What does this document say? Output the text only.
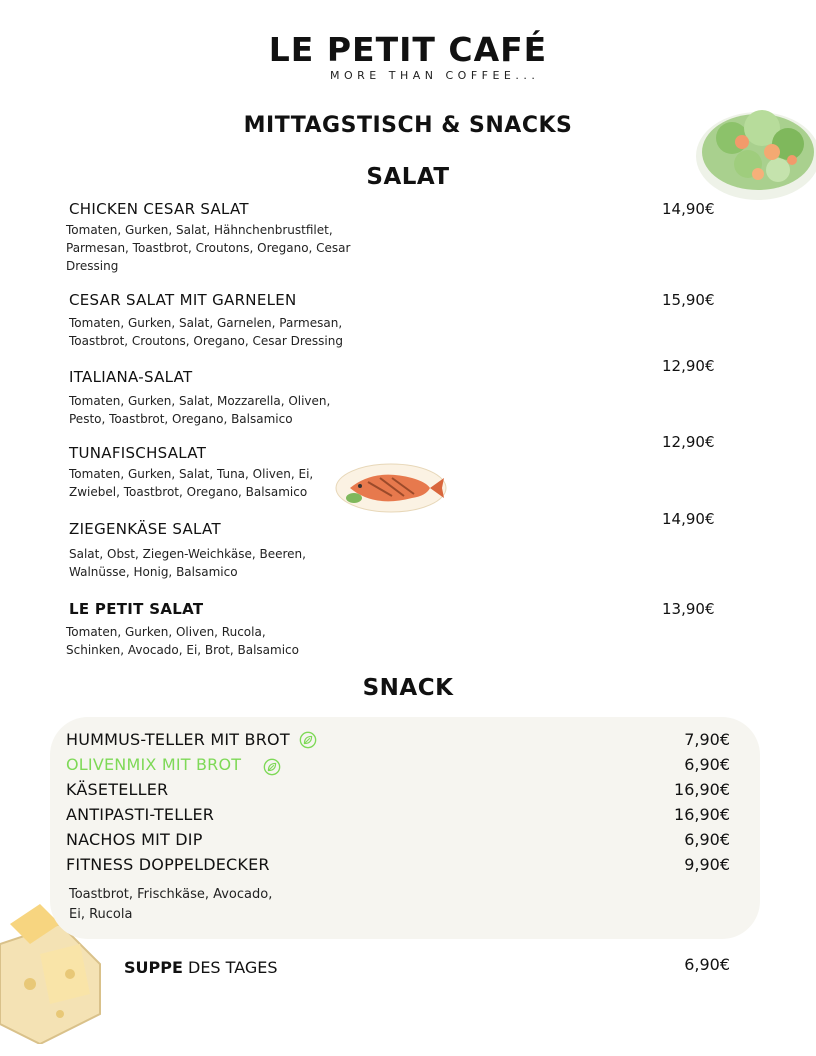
LE PETIT CAFÉ
MORE THAN COFFEE...
MITTAGSTISCH & SNACKS
SALAT
CHICKEN CESAR SALAT
Tomaten, Gurken, Salat, Hähnchenbrustfilet, Parmesan, Toastbrot, Croutons, Oregano, Cesar Dressing
14,90€
CESAR SALAT MIT GARNELEN
Tomaten, Gurken, Salat, Garnelen, Parmesan, Toastbrot, Croutons, Oregano, Cesar Dressing
15,90€
ITALIANA-SALAT
Tomaten, Gurken, Salat, Mozzarella, Oliven, Pesto, Toastbrot, Oregano, Balsamico
12,90€
TUNAFISCHSALAT
Tomaten, Gurken, Salat, Tuna, Oliven, Ei, Zwiebel, Toastbrot, Oregano, Balsamico
12,90€
ZIEGENKÄSE SALAT
Salat, Obst, Ziegen-Weichkäse, Beeren, Walnüsse, Honig, Balsamico
14,90€
LE PETIT SALAT
Tomaten, Gurken, Oliven, Rucola, Schinken, Avocado, Ei, Brot, Balsamico
13,90€
SNACK
HUMMUS-TELLER MIT BROT	7,90€
OLIVENMIX MIT BROT	6,90€
KÄSETELLER	16,90€
ANTIPASTI-TELLER	16,90€
NACHOS MIT DIP	6,90€
FITNESS DOPPELDECKER	9,90€
Toastbrot, Frischkäse, Avocado, Ei, Rucola
SUPPE DES TAGES	6,90€
